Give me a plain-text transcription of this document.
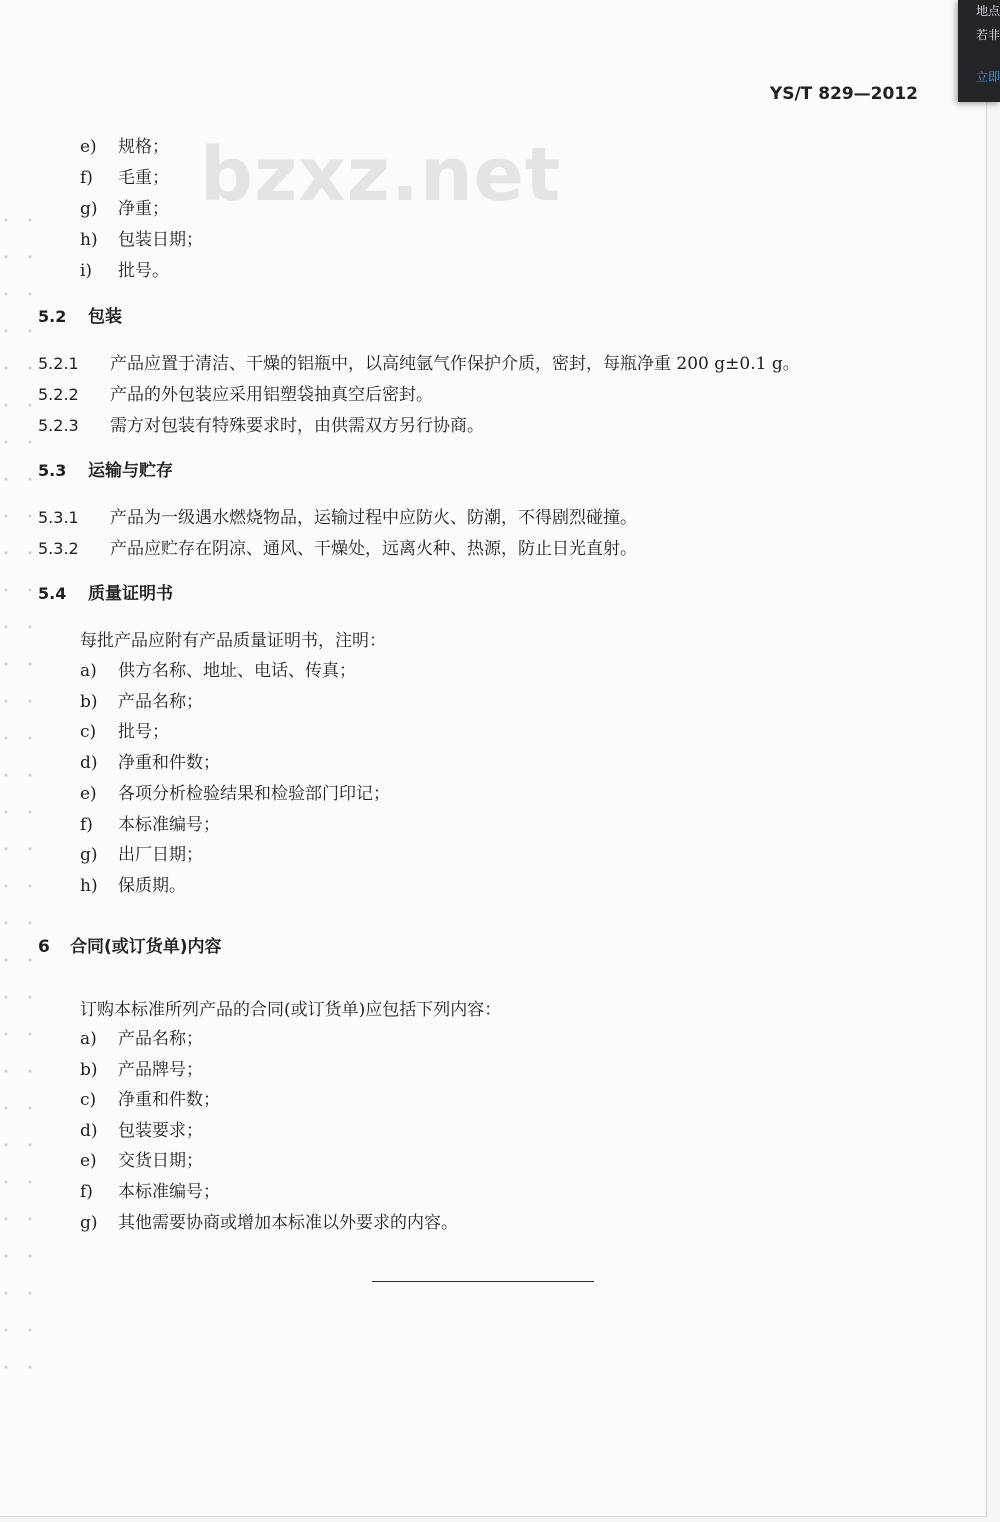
bzxz.net
YS/T 829—2012
e) 规格；
f) 毛重；
g) 净重；
h) 包装日期；
i) 批号。
5.2 包装
5.2.1 产品应置于清洁、干燥的铝瓶中，以高纯氩气作保护介质，密封，每瓶净重 200 g±0.1 g。
5.2.2 产品的外包装应采用铝塑袋抽真空后密封。
5.2.3 需方对包装有特殊要求时，由供需双方另行协商。
5.3 运输与贮存
5.3.1 产品为一级遇水燃烧物品，运输过程中应防火、防潮，不得剧烈碰撞。
5.3.2 产品应贮存在阴凉、通风、干燥处，远离火种、热源，防止日光直射。
5.4 质量证明书
每批产品应附有产品质量证明书，注明：
a) 供方名称、地址、电话、传真；
b) 产品名称；
c) 批号；
d) 净重和件数；
e) 各项分析检验结果和检验部门印记；
f) 本标准编号；
g) 出厂日期；
h) 保质期。
6 合同(或订货单)内容
订购本标准所列产品的合同(或订货单)应包括下列内容：
a) 产品名称；
b) 产品牌号；
c) 净重和件数；
d) 包装要求；
e) 交货日期；
f) 本标准编号；
g) 其他需要协商或增加本标准以外要求的内容。
地点
若非
立即
